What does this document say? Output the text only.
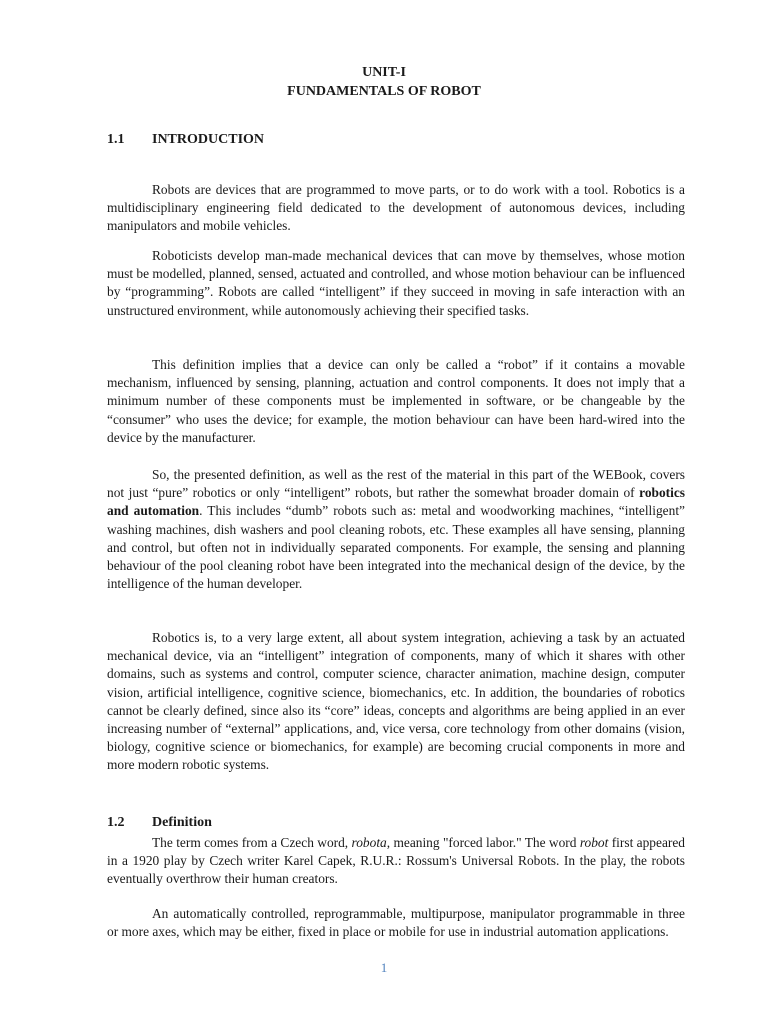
UNIT-I

FUNDAMENTALS OF ROBOT

1.1 INTRODUCTION

Robots are devices that are programmed to move parts, or to do work with a tool. Robotics is a multidisciplinary engineering field dedicated to the development of autonomous devices, including manipulators and mobile vehicles.

Roboticists develop man-made mechanical devices that can move by themselves, whose motion must be modelled, planned, sensed, actuated and controlled, and whose motion behaviour can be influenced by “programming”. Robots are called “intelligent” if they succeed in moving in safe interaction with an unstructured environment, while autonomously achieving their specified tasks.

This definition implies that a device can only be called a “robot” if it contains a movable mechanism, influenced by sensing, planning, actuation and control components. It does not imply that a minimum number of these components must be implemented in software, or be changeable by the “consumer” who uses the device; for example, the motion behaviour can have been hard-wired into the device by the manufacturer.

So, the presented definition, as well as the rest of the material in this part of the WEBook, covers not just “pure” robotics or only “intelligent” robots, but rather the somewhat broader domain of robotics and automation. This includes “dumb” robots such as: metal and woodworking machines, “intelligent” washing machines, dish washers and pool cleaning robots, etc. These examples all have sensing, planning and control, but often not in individually separated components. For example, the sensing and planning behaviour of the pool cleaning robot have been integrated into the mechanical design of the device, by the intelligence of the human developer.

Robotics is, to a very large extent, all about system integration, achieving a task by an actuated mechanical device, via an “intelligent” integration of components, many of which it shares with other domains, such as systems and control, computer science, character animation, machine design, computer vision, artificial intelligence, cognitive science, biomechanics, etc. In addition, the boundaries of robotics cannot be clearly defined, since also its “core” ideas, concepts and algorithms are being applied in an ever increasing number of “external” applications, and, vice versa, core technology from other domains (vision, biology, cognitive science or biomechanics, for example) are becoming crucial components in more and more modern robotic systems.

1.2 Definition

The term comes from a Czech word, robota, meaning "forced labor." The word robot first appeared in a 1920 play by Czech writer Karel Capek, R.U.R.: Rossum's Universal Robots. In the play, the robots eventually overthrow their human creators.

An automatically controlled, reprogrammable, multipurpose, manipulator programmable in three or more axes, which may be either, fixed in place or mobile for use in industrial automation applications.

1
